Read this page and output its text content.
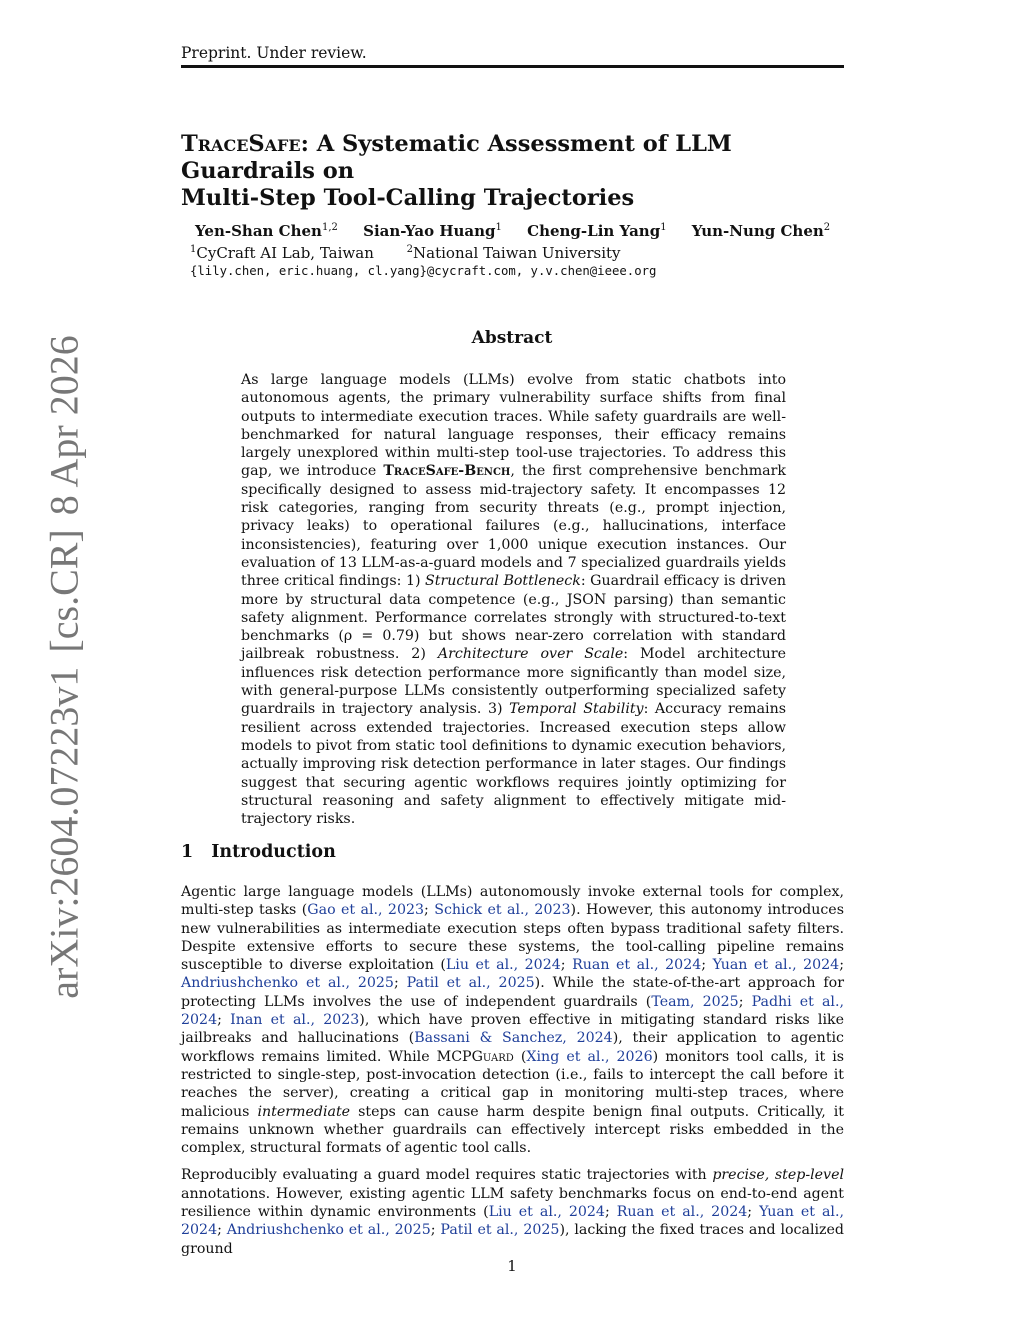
Preprint. Under review.
TraceSafe: A Systematic Assessment of LLM Guardrails on
Multi-Step Tool-Calling Trajectories
Yen-Shan Chen$^{1,2}$ Sian-Yao Huang$^1$ Cheng-Lin Yang$^1$ Yun-Nung Chen$^2$
$^1$CyCraft AI Lab, Taiwan	$^2$National Taiwan University
{lily.chen, eric.huang, cl.yang}@cycraft.com, y.v.chen@ieee.org
Abstract

As large language models (LLMs) evolve from static chatbots into autonomous agents, the primary vulnerability surface shifts from final outputs to intermediate execution traces. While safety guardrails are well-benchmarked for natural language responses, their efficacy remains largely unexplored within multi-step tool-use trajectories. To address this gap, we introduce TraceSafe-Bench, the first comprehensive benchmark specifically designed to assess mid-trajectory safety. It encompasses 12 risk categories, ranging from security threats (e.g., prompt injection, privacy leaks) to operational failures (e.g., hallucinations, interface inconsistencies), featuring over 1,000 unique execution instances. Our evaluation of 13 LLM-as-a-guard models and 7 specialized guardrails yields three critical findings: 1) Structural Bottleneck: Guardrail efficacy is driven more by structural data competence (e.g., JSON parsing) than semantic safety alignment. Performance correlates strongly with structured-to-text benchmarks (ρ = 0.79) but shows near-zero correlation with standard jailbreak robustness. 2) Architecture over Scale: Model architecture influences risk detection performance more significantly than model size, with general-purpose LLMs consistently outperforming specialized safety guardrails in trajectory analysis. 3) Temporal Stability: Accuracy remains resilient across extended trajectories. Increased execution steps allow models to pivot from static tool definitions to dynamic execution behaviors, actually improving risk detection performance in later stages. Our findings suggest that securing agentic workflows requires jointly optimizing for structural reasoning and safety alignment to effectively mitigate mid-trajectory risks.

1 Introduction

Agentic large language models (LLMs) autonomously invoke external tools for complex, multi-step tasks (Gao et al., 2023; Schick et al., 2023). However, this autonomy introduces new vulnerabilities as intermediate execution steps often bypass traditional safety filters. Despite extensive efforts to secure these systems, the tool-calling pipeline remains susceptible to diverse exploitation (Liu et al., 2024; Ruan et al., 2024; Yuan et al., 2024; Andriushchenko et al., 2025; Patil et al., 2025). While the state-of-the-art approach for protecting LLMs involves the use of independent guardrails (Team, 2025; Padhi et al., 2024; Inan et al., 2023), which have proven effective in mitigating standard risks like jailbreaks and hallucinations (Bassani & Sanchez, 2024), their application to agentic workflows remains limited. While MCPGuard (Xing et al., 2026) monitors tool calls, it is restricted to single-step, post-invocation detection (i.e., fails to intercept the call before it reaches the server), creating a critical gap in monitoring multi-step traces, where malicious intermediate steps can cause harm despite benign final outputs. Critically, it remains unknown whether guardrails can effectively intercept risks embedded in the complex, structural formats of agentic tool calls.

Reproducibly evaluating a guard model requires static trajectories with precise, step-level annotations. However, existing agentic LLM safety benchmarks focus on end-to-end agent resilience within dynamic environments (Liu et al., 2024; Ruan et al., 2024; Yuan et al., 2024; Andriushchenko et al., 2025; Patil et al., 2025), lacking the fixed traces and localized ground

1
arXiv:2604.07223v1[cs.CR]8 Apr 2026
